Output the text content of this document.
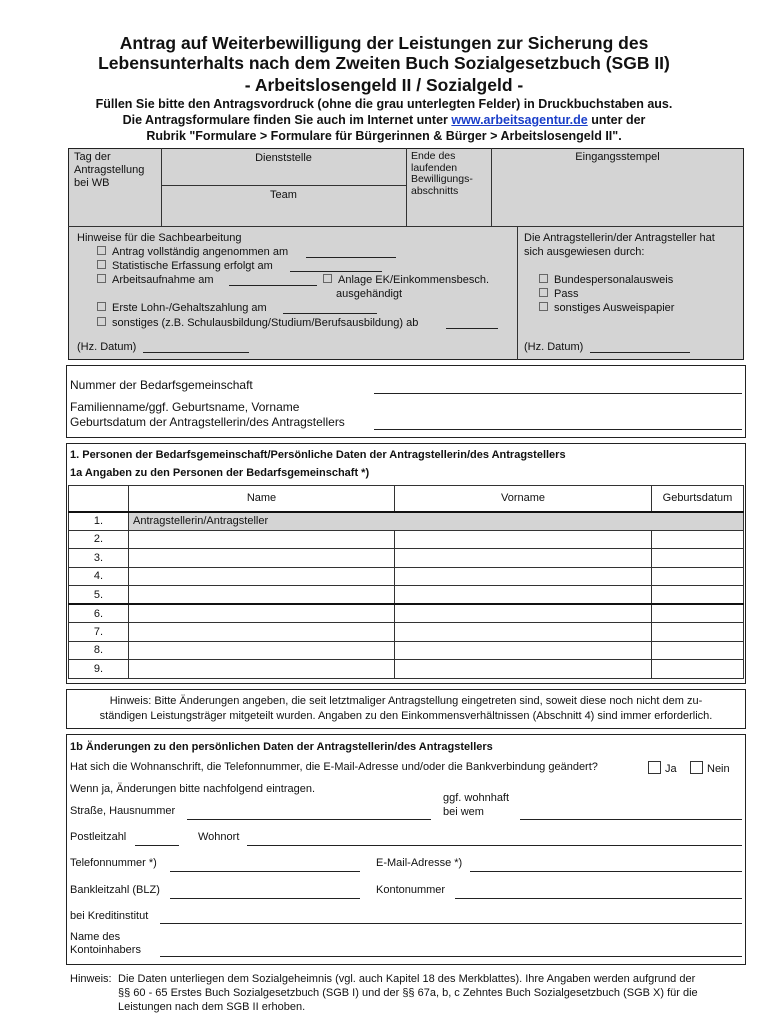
Antrag auf Weiterbewilligung der Leistungen zur Sicherung des
Lebensunterhalts nach dem Zweiten Buch Sozialgesetzbuch (SGB II)
- Arbeitslosengeld II / Sozialgeld -
Füllen Sie bitte den Antragsvordruck (ohne die grau unterlegten Felder) in Druckbuchstaben aus.
Die Antragsformulare finden Sie auch im Internet unter www.arbeitsagentur.de unter der
Rubrik "Formulare > Formulare für Bürgerinnen & Bürger > Arbeitslosengeld II".
Tag der Antragstellung bei WB
Dienststelle
Team
Ende des laufenden Bewilligungs-abschnitts
Eingangsstempel
Hinweise für die Sachbearbeitung
Antrag vollständig angenommen am
Statistische Erfassung erfolgt am
Arbeitsaufnahme am	Anlage EK/Einkommensbesch.
ausgehändigt
Erste Lohn-/Gehaltszahlung am
sonstiges (z.B. Schulausbildung/Studium/Berufsausbildung) ab
(Hz. Datum)
Die Antragstellerin/der Antragsteller hat
sich ausgewiesen durch:
Bundespersonalausweis
Pass
sonstiges Ausweispapier
(Hz. Datum)
Nummer der Bedarfsgemeinschaft
Familienname/ggf. Geburtsname, Vorname
Geburtsdatum der Antragstellerin/des Antragstellers
1. Personen der Bedarfsgemeinschaft/Persönliche Daten der Antragstellerin/des Antragstellers
1a Angaben zu den Personen der Bedarfsgemeinschaft *)
	Name	Vorname	Geburtsdatum
1.	Antragstellerin/Antragsteller		
2.			
3.			
4.			
5.			
6.			
7.			
8.			
9.			
Hinweis: Bitte Änderungen angeben, die seit letztmaliger Antragstellung eingetreten sind, soweit diese noch nicht dem zu-
ständigen Leistungsträger mitgeteilt wurden. Angaben zu den Einkommensverhältnissen (Abschnitt 4) sind immer erforderlich.
1b Änderungen zu den persönlichen Daten der Antragstellerin/des Antragstellers
Hat sich die Wohnanschrift, die Telefonnummer, die E-Mail-Adresse und/oder die Bankverbindung geändert?	Ja	Nein
Wenn ja, Änderungen bitte nachfolgend eintragen.
Straße, Hausnummer
ggf. wohnhaft
bei wem
Postleitzahl	Wohnort
Telefonnummer *)	E-Mail-Adresse *)
Bankleitzahl (BLZ)	Kontonummer
bei Kreditinstitut
Name des
Kontoinhabers
Hinweis: Die Daten unterliegen dem Sozialgeheimnis (vgl. auch Kapitel 18 des Merkblattes). Ihre Angaben werden aufgrund der
§§ 60 - 65 Erstes Buch Sozialgesetzbuch (SGB I) und der §§ 67a, b, c Zehntes Buch Sozialgesetzbuch (SGB X) für die
Leistungen nach dem SGB II erhoben.
